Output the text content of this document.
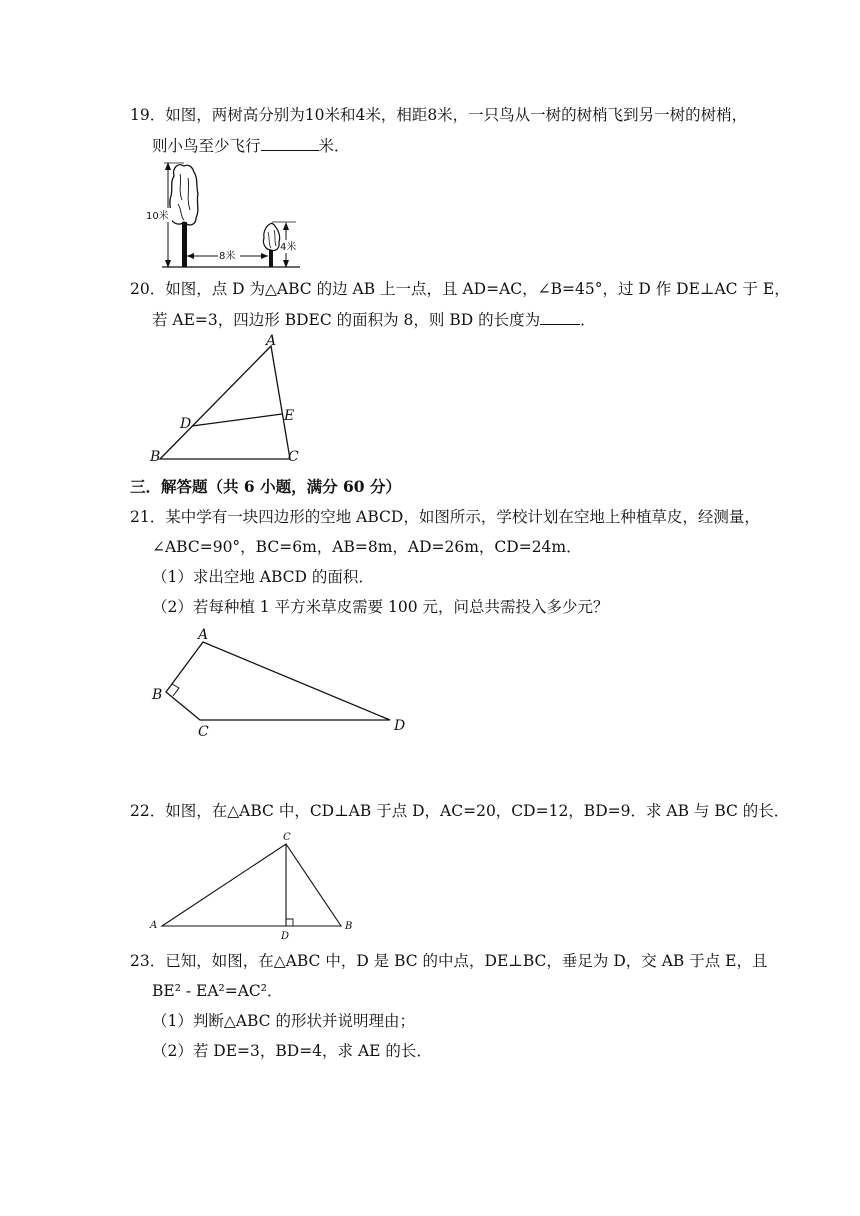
19．如图，两树高分别为10米和4米，相距8米，一只鸟从一树的树梢飞到另一树的树梢，
则小鸟至少飞行	米．
10米
8米
4米
20．如图，点 D 为△ABC 的边 AB 上一点，且 AD=AC，∠B=45°，过 D 作 DE⊥AC 于 E，
若 AE=3，四边形 BDEC 的面积为 8，则 BD 的长度为	．
A
B	C
D	E
三．解答题（共 6 小题，满分 60 分）
21．某中学有一块四边形的空地 ABCD，如图所示，学校计划在空地上种植草皮，经测量，
∠ABC=90°，BC=6m，AB=8m，AD=26m，CD=24m．
（1）求出空地 ABCD 的面积．
（2）若每种植 1 平方米草皮需要 100 元，问总共需投入多少元？
A
B
C	D
22．如图，在△ABC 中，CD⊥AB 于点 D，AC=20，CD=12，BD=9．求 AB 与 BC 的长．
A	B
C
D
23．已知，如图，在△ABC 中，D 是 BC 的中点，DE⊥BC，垂足为 D，交 AB 于点 E，且
BE² - EA²=AC²．
（1）判断△ABC 的形状并说明理由；
（2）若 DE=3，BD=4，求 AE 的长．
